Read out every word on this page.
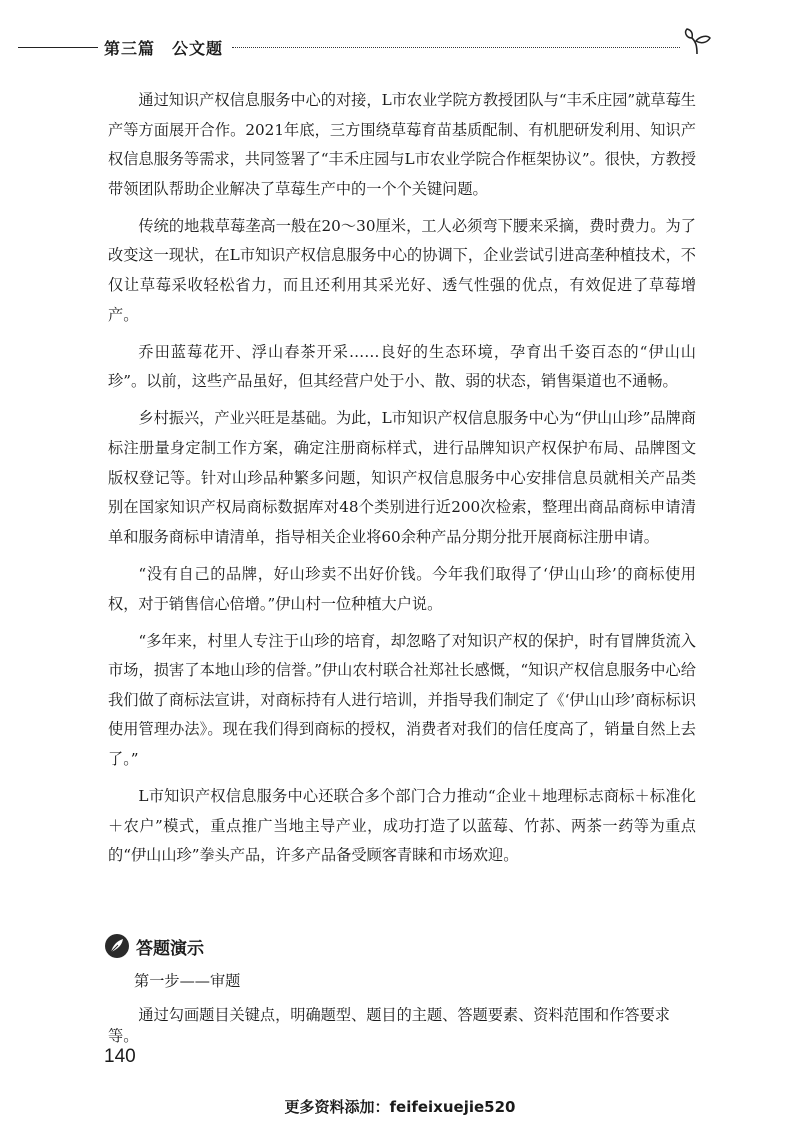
第三篇　公文题

通过知识产权信息服务中心的对接，L市农业学院方教授团队与“丰禾庄园”就草莓生产等方面展开合作。2021年底，三方围绕草莓育苗基质配制、有机肥研发利用、知识产权信息服务等需求，共同签署了“丰禾庄园与L市农业学院合作框架协议”。很快，方教授带领团队帮助企业解决了草莓生产中的一个个关键问题。

传统的地栽草莓垄高一般在20～30厘米，工人必须弯下腰来采摘，费时费力。为了改变这一现状，在L市知识产权信息服务中心的协调下，企业尝试引进高垄种植技术，不仅让草莓采收轻松省力，而且还利用其采光好、透气性强的优点，有效促进了草莓增产。

乔田蓝莓花开、浮山春茶开采……良好的生态环境，孕育出千姿百态的“伊山山珍”。以前，这些产品虽好，但其经营户处于小、散、弱的状态，销售渠道也不通畅。

乡村振兴，产业兴旺是基础。为此，L市知识产权信息服务中心为“伊山山珍”品牌商标注册量身定制工作方案，确定注册商标样式，进行品牌知识产权保护布局、品牌图文版权登记等。针对山珍品种繁多问题，知识产权信息服务中心安排信息员就相关产品类别在国家知识产权局商标数据库对48个类别进行近200次检索，整理出商品商标申请清单和服务商标申请清单，指导相关企业将60余种产品分期分批开展商标注册申请。

“没有自己的品牌，好山珍卖不出好价钱。今年我们取得了‘伊山山珍’的商标使用权，对于销售信心倍增。”伊山村一位种植大户说。

“多年来，村里人专注于山珍的培育，却忽略了对知识产权的保护，时有冒牌货流入市场，损害了本地山珍的信誉。”伊山农村联合社郑社长感慨，“知识产权信息服务中心给我们做了商标法宣讲，对商标持有人进行培训，并指导我们制定了《‘伊山山珍’商标标识使用管理办法》。现在我们得到商标的授权，消费者对我们的信任度高了，销量自然上去了。”

L市知识产权信息服务中心还联合多个部门合力推动“企业＋地理标志商标＋标准化＋农户”模式，重点推广当地主导产业，成功打造了以蓝莓、竹荪、两茶一药等为重点的“伊山山珍”拳头产品，许多产品备受顾客青睐和市场欢迎。

答题演示
第一步——审题
通过勾画题目关键点，明确题型、题目的主题、答题要素、资料范围和作答要求等。
140
更多资料添加：feifeixuejie520
